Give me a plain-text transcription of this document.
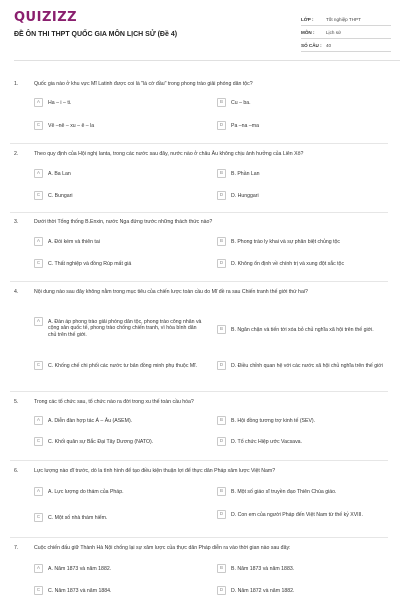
QUIZIZZ
ĐỀ ÔN THI THPT QUỐC GIA MÔN LỊCH SỬ (Đề 4)
LỚP :	Tốt nghiệp THPT
MÔN :	Lịch sử
SỐ CÂU : 40
1.	Quốc gia nào ở khu vực Mĩ Latinh được coi là "lá cờ đầu" trong phong trào giải phóng dân tộc?
A	Ha – i – ti.	B	Cu – ba.
C	Vê –nê – xu – ê – la	D	Pa –na –ma
2.	Theo quy định của Hội nghị Ianta, trong các nước sau đây, nước nào ở châu Âu không chịu ảnh hưởng của Liên Xô?
A	A. Ba Lan	B	B. Phần Lan
C	C. Bungari	D	D. Hunggari
3.	Dưới thời Tổng thống B.Enxin, nước Nga đứng trước những thách thức nào?
A	A. Đói kém và thiên tai	B	B. Phong trào ly khai và sự phân biệt chủng tộc
C	C. Thất nghiệp và đồng Rúp mất giá	D	D. Không ổn định về chính trị và xung đột sắc tộc
4.	Nội dung nào sau đây không nằm trong mục tiêu của chiến lược toàn cầu do Mĩ đề ra sau Chiến tranh thế giới thứ hai?
A	A. Đàn áp phong trào giải phóng dân tộc, phong trào công nhân và cộng sản quốc tế, phong trào chống chiến tranh, vì hòa bình dân chủ trên thế giới.
B	B. Ngăn chặn và tiến tới xóa bỏ chủ nghĩa xã hội trên thế giới.
C	C. Khống chế chi phối các nước tư bản đồng minh phụ thuộc Mĩ.	D	D. Điều chỉnh quan hệ với các nước xã hội chủ nghĩa trên thế giới
5.	Trong các tổ chức sau, tổ chức nào ra đời trong xu thế toàn cầu hóa?
A	A. Diễn đàn hợp tác Á – Âu (ASEM).	B	B. Hội đồng tương trợ kinh tế (SEV).
C	C. Khối quân sự Bắc Đại Tây Dương (NATO).	D	D. Tổ chức Hiệp ước Vacsava.
6.	Lực lượng nào dĩ trước, dò la tình hình để tạo điều kiện thuận lợi để thực dân Pháp xâm lược Việt Nam?
A	A. Lực lượng do thám của Pháp.	B	B. Một số giáo sĩ truyền đạo Thiên Chúa giáo.
C	C. Một số nhà thám hiểm.
D	D. Con em của người Pháp đến Việt Nam từ thế kỷ XVIII.
7.	Cuộc chiến đấu giữ Thành Hà Nội chống lại sự xâm lược của thực dân Pháp diễn ra vào thời gian nào sau đây:
A	A. Năm 1873 và năm 1882.	B	B. Năm 1873 và năm 1883.
C	C. Năm 1873 và năm 1884.	D	D. Năm 1872 và năm 1882.
